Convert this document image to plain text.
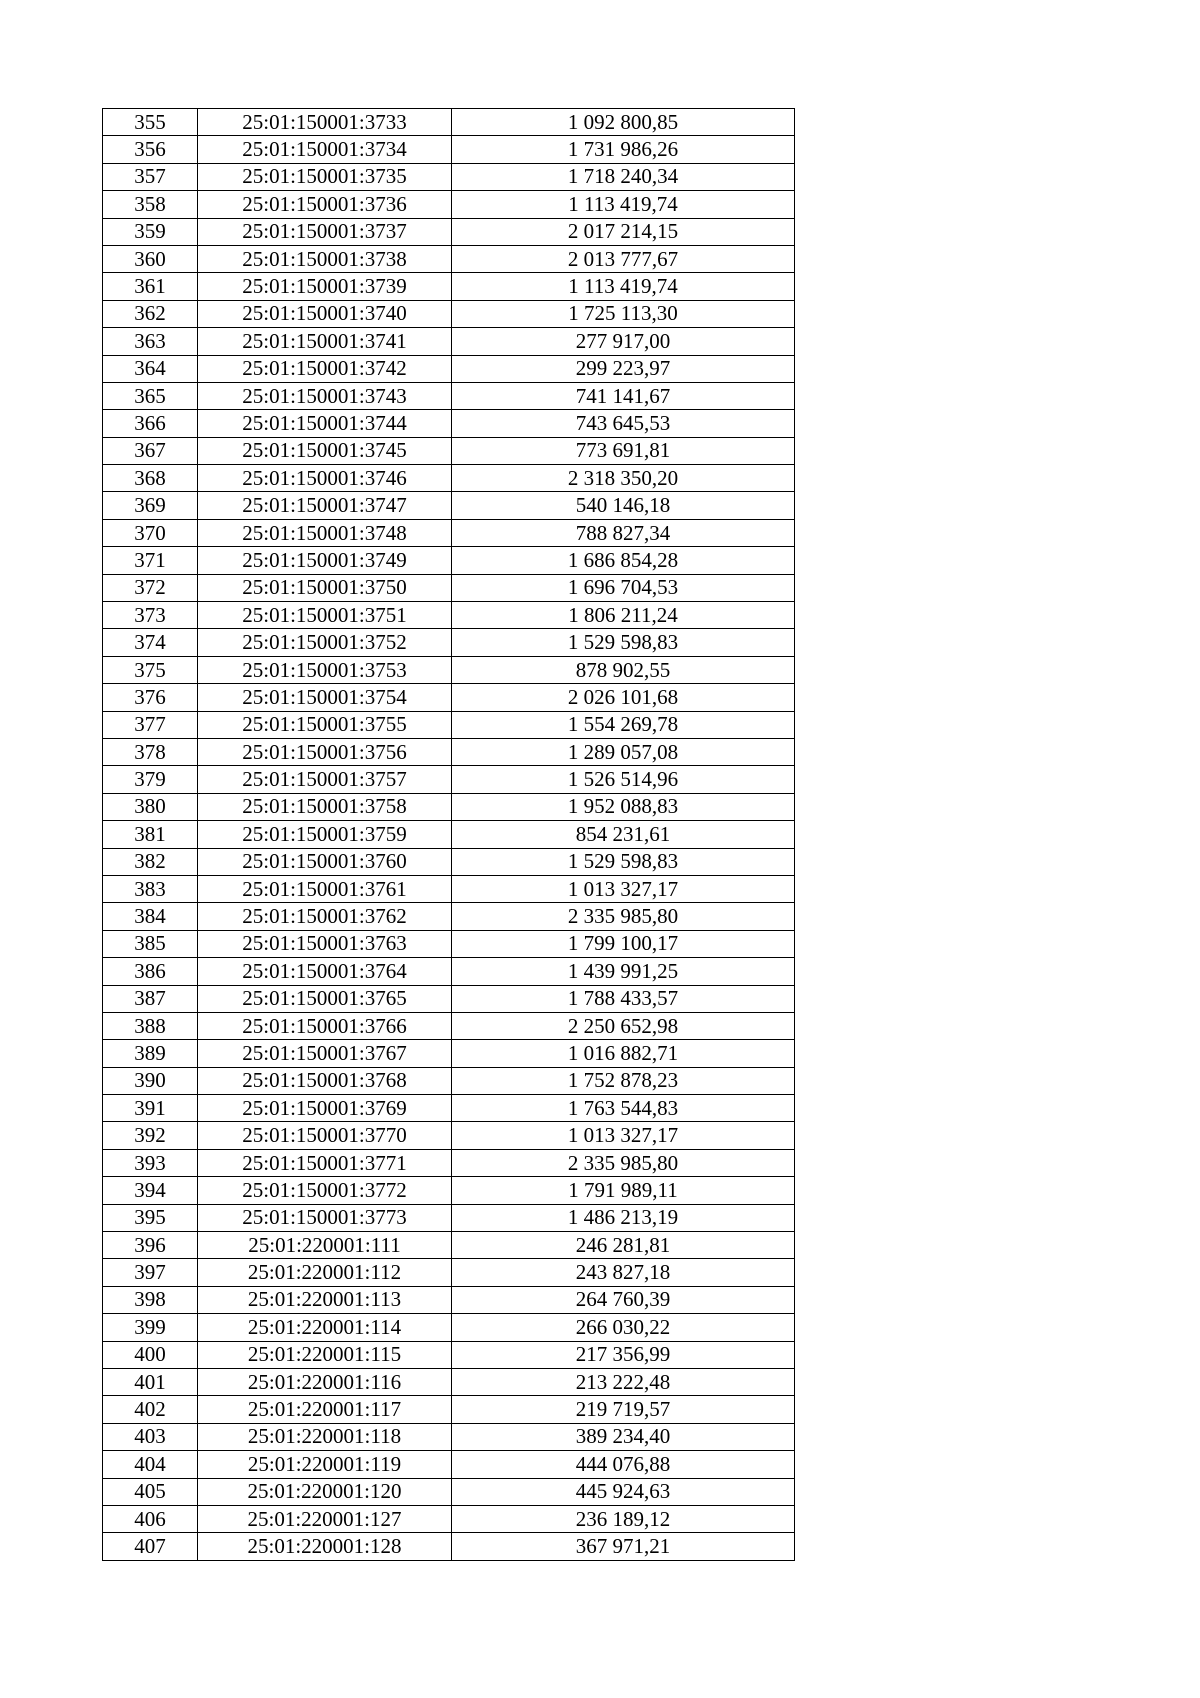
355	25:01:150001:3733	1 092 800,85
356	25:01:150001:3734	1 731 986,26
357	25:01:150001:3735	1 718 240,34
358	25:01:150001:3736	1 113 419,74
359	25:01:150001:3737	2 017 214,15
360	25:01:150001:3738	2 013 777,67
361	25:01:150001:3739	1 113 419,74
362	25:01:150001:3740	1 725 113,30
363	25:01:150001:3741	277 917,00
364	25:01:150001:3742	299 223,97
365	25:01:150001:3743	741 141,67
366	25:01:150001:3744	743 645,53
367	25:01:150001:3745	773 691,81
368	25:01:150001:3746	2 318 350,20
369	25:01:150001:3747	540 146,18
370	25:01:150001:3748	788 827,34
371	25:01:150001:3749	1 686 854,28
372	25:01:150001:3750	1 696 704,53
373	25:01:150001:3751	1 806 211,24
374	25:01:150001:3752	1 529 598,83
375	25:01:150001:3753	878 902,55
376	25:01:150001:3754	2 026 101,68
377	25:01:150001:3755	1 554 269,78
378	25:01:150001:3756	1 289 057,08
379	25:01:150001:3757	1 526 514,96
380	25:01:150001:3758	1 952 088,83
381	25:01:150001:3759	854 231,61
382	25:01:150001:3760	1 529 598,83
383	25:01:150001:3761	1 013 327,17
384	25:01:150001:3762	2 335 985,80
385	25:01:150001:3763	1 799 100,17
386	25:01:150001:3764	1 439 991,25
387	25:01:150001:3765	1 788 433,57
388	25:01:150001:3766	2 250 652,98
389	25:01:150001:3767	1 016 882,71
390	25:01:150001:3768	1 752 878,23
391	25:01:150001:3769	1 763 544,83
392	25:01:150001:3770	1 013 327,17
393	25:01:150001:3771	2 335 985,80
394	25:01:150001:3772	1 791 989,11
395	25:01:150001:3773	1 486 213,19
396	25:01:220001:111	246 281,81
397	25:01:220001:112	243 827,18
398	25:01:220001:113	264 760,39
399	25:01:220001:114	266 030,22
400	25:01:220001:115	217 356,99
401	25:01:220001:116	213 222,48
402	25:01:220001:117	219 719,57
403	25:01:220001:118	389 234,40
404	25:01:220001:119	444 076,88
405	25:01:220001:120	445 924,63
406	25:01:220001:127	236 189,12
407	25:01:220001:128	367 971,21
